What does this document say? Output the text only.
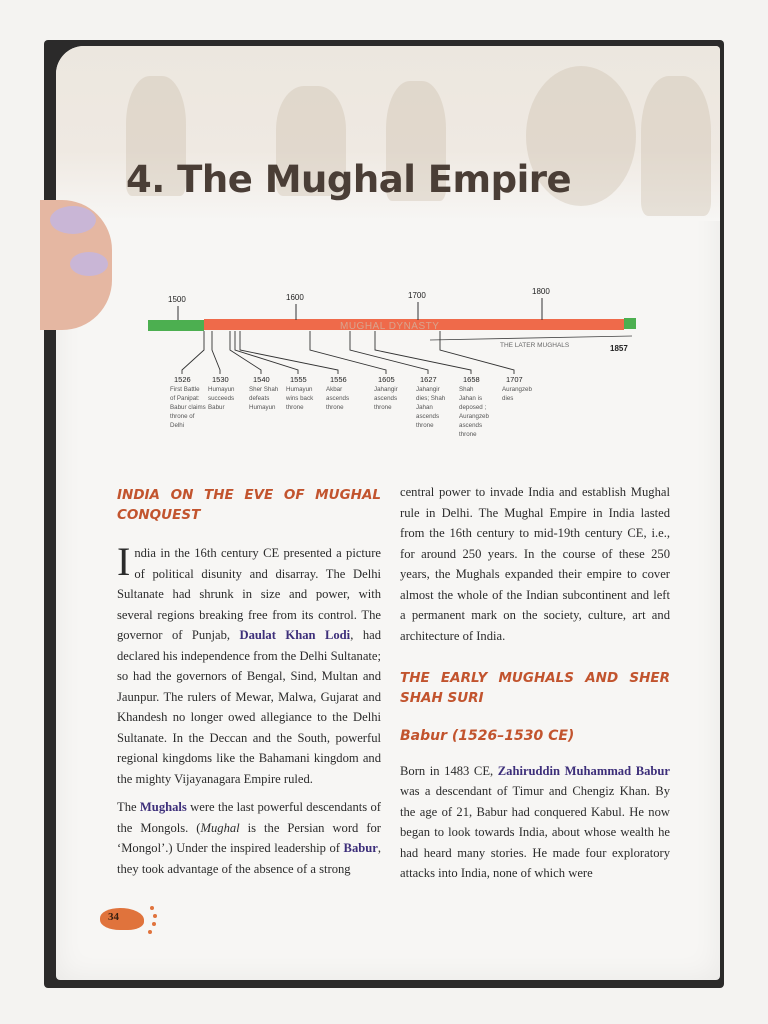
4. The Mughal Empire
MUGHAL DYNASTY
1500	1600	1700	1800
THE LATER MUGHALS	1857
1526
First Battle
of Panipat:
Babur claims
throne of
Delhi
1530
Humayun
succeeds
Babur
1540
Sher Shah
defeats
Humayun
1555
Humayun
wins back
throne
1556
Akbar
ascends
throne
1605
Jahangir
ascends
throne
1627
Jahangir
dies; Shah
Jahan
ascends
throne
1658
Shah
Jahan is
deposed ;
Aurangzeb
ascends
throne
1707
Aurangzeb
dies

INDIA ON THE EVE OF MUGHAL CONQUEST

India in the 16th century CE presented a picture of political disunity and disarray. The Delhi Sultanate had shrunk in size and power, with several regions breaking free from its control. The governor of Punjab, Daulat Khan Lodi, had declared his independence from the Delhi Sultanate; so had the governors of Bengal, Sind, Multan and Jaunpur. The rulers of Mewar, Malwa, Gujarat and Khandesh no longer owed allegiance to the Delhi Sultanate. In the Deccan and the South, powerful regional kingdoms like the Bahamani kingdom and the mighty Vijayanagara Empire ruled.

The Mughals were the last powerful descendants of the Mongols. (Mughal is the Persian word for ‘Mongol’.) Under the inspired leadership of Babur, they took advantage of the absence of a strong

central power to invade India and establish Mughal rule in Delhi. The Mughal Empire in India lasted from the 16th century to mid-19th century CE, i.e., for around 250 years. In the course of these 250 years, the Mughals expanded their empire to cover almost the whole of the Indian subcontinent and left a permanent mark on the society, culture, art and architecture of India.

THE EARLY MUGHALS AND SHER SHAH SURI

Babur (1526–1530 CE)

Born in 1483 CE, Zahiruddin Muhammad Babur was a descendant of Timur and Chengiz Khan. By the age of 21, Babur had conquered Kabul. He now began to look towards India, about whose wealth he had heard many stories. He made four exploratory attacks into India, none of which were

34
